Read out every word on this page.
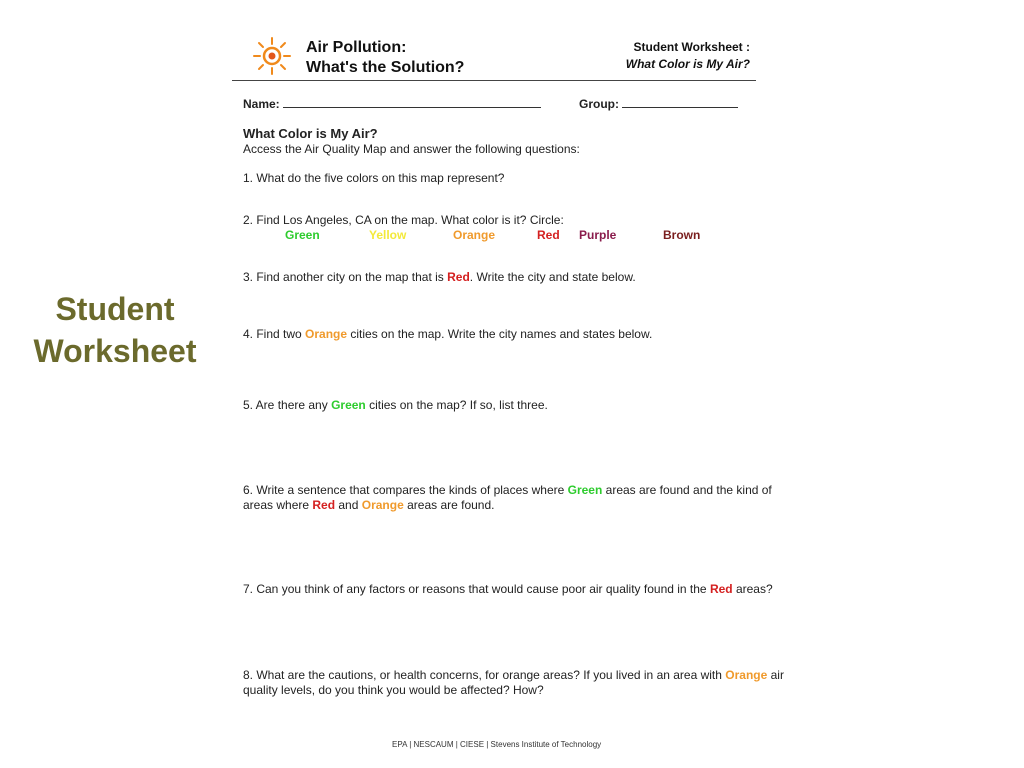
Student
Worksheet
Air Pollution:
What's the Solution?
Student Worksheet :
What Color is My Air?
Name:	Group:
What Color is My Air?
Access the Air Quality Map and answer the following questions:
1. What do the five colors on this map represent?
2. Find Los Angeles, CA on the map. What color is it? Circle:
Green	Yellow	Orange	Red Purple	Brown
3. Find another city on the map that is Red. Write the city and state below.
4. Find two Orange cities on the map. Write the city names and states below.
5. Are there any Green cities on the map? If so, list three.
6. Write a sentence that compares the kinds of places where Green areas are found and the kind of areas where Red and Orange areas are found.
7. Can you think of any factors or reasons that would cause poor air quality found in the Red areas?
8. What are the cautions, or health concerns, for orange areas? If you lived in an area with Orange air quality levels, do you think you would be affected? How?
EPA | NESCAUM | CIESE | Stevens Institute of Technology
